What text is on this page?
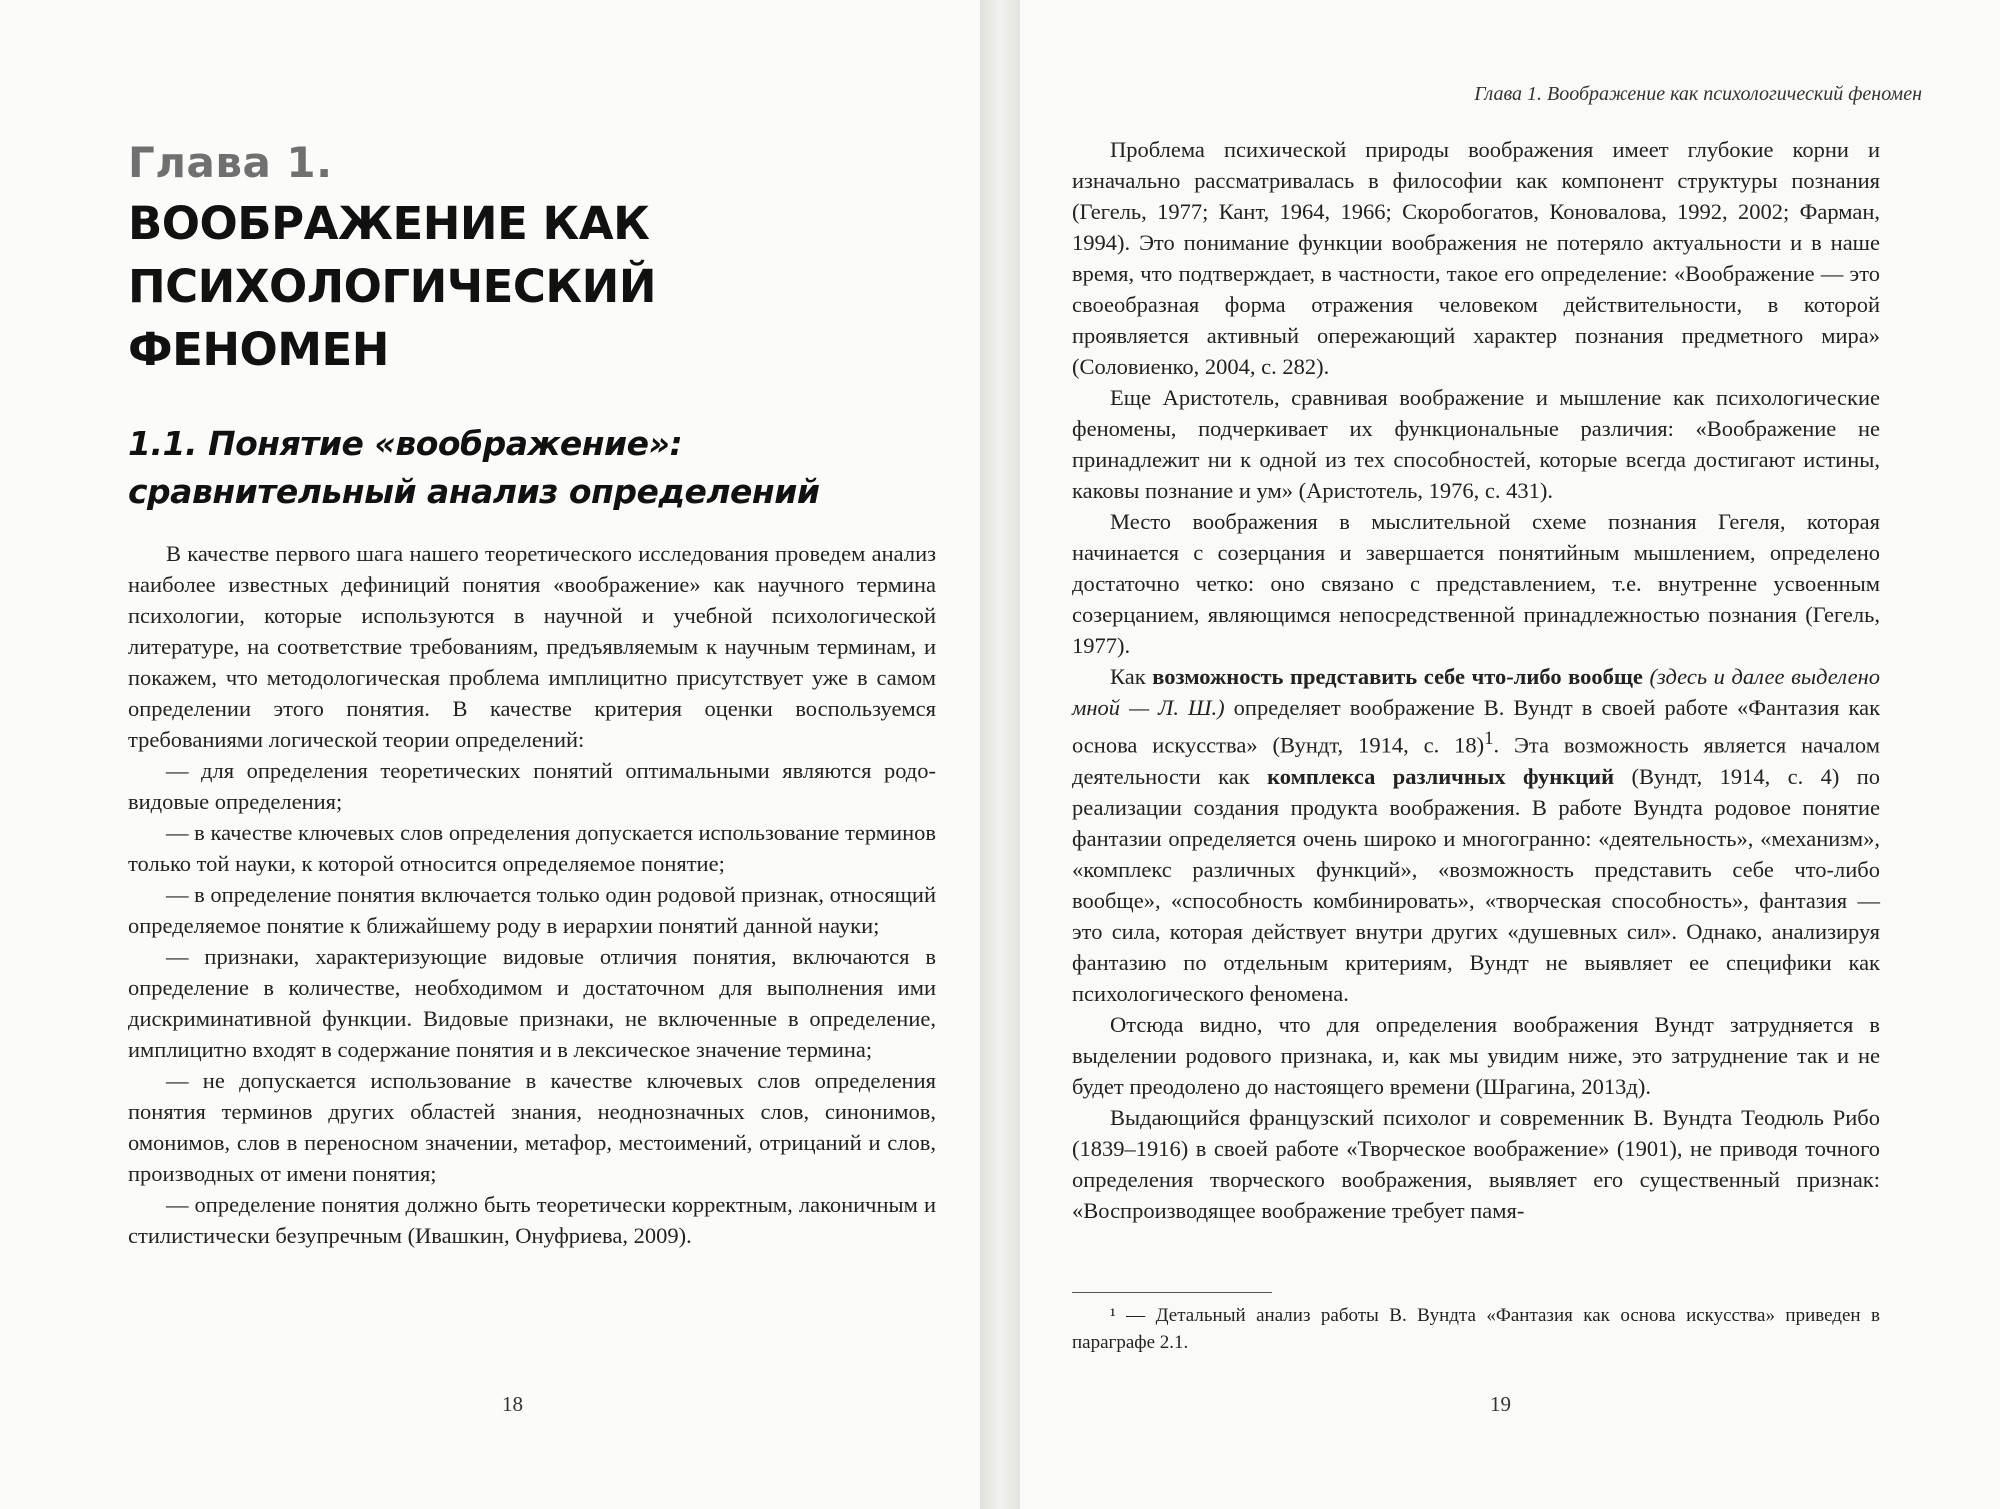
Глава 1.
ВООБРАЖЕНИЕ КАК ПСИХОЛОГИЧЕСКИЙ ФЕНОМЕН
1.1. Понятие «воображение»: сравнительный анализ определений

В качестве первого шага нашего теоретического исследования проведем анализ наиболее известных дефиниций понятия «воображение» как научного термина психологии, которые используются в научной и учебной психологической литературе, на соответствие требованиям, предъявляемым к научным терминам, и покажем, что методологическая проблема имплицитно присутствует уже в самом определении этого понятия. В качестве критерия оценки воспользуемся требованиями логической теории определений:

— для определения теоретических понятий оптимальными являются родо-видовые определения;

— в качестве ключевых слов определения допускается использование терминов только той науки, к которой относится определяемое понятие;

— в определение понятия включается только один родовой признак, относящий определяемое понятие к ближайшему роду в иерархии понятий данной науки;

— признаки, характеризующие видовые отличия понятия, включаются в определение в количестве, необходимом и достаточном для выполнения ими дискриминативной функции. Видовые признаки, не включенные в определение, имплицитно входят в содержание понятия и в лексическое значение термина;

— не допускается использование в качестве ключевых слов определения понятия терминов других областей знания, неоднозначных слов, синонимов, омонимов, слов в переносном значении, метафор, местоимений, отрицаний и слов, производных от имени понятия;

— определение понятия должно быть теоретически корректным, лаконичным и стилистически безупречным (Ивашкин, Онуфриева, 2009).

18
Глава 1. Воображение как психологический феномен

Проблема психической природы воображения имеет глубокие корни и изначально рассматривалась в философии как компонент структуры познания (Гегель, 1977; Кант, 1964, 1966; Скоробогатов, Коновалова, 1992, 2002; Фарман, 1994). Это понимание функции воображения не потеряло актуальности и в наше время, что подтверждает, в частности, такое его определение: «Воображение — это своеобразная форма отражения человеком действительности, в которой проявляется активный опережающий характер познания предметного мира» (Соловиенко, 2004, с. 282).

Еще Аристотель, сравнивая воображение и мышление как психологические феномены, подчеркивает их функциональные различия: «Воображение не принадлежит ни к одной из тех способностей, которые всегда достигают истины, каковы познание и ум» (Аристотель, 1976, с. 431).

Место воображения в мыслительной схеме познания Гегеля, которая начинается с созерцания и завершается понятийным мышлением, определено достаточно четко: оно связано с представлением, т.е. внутренне усвоенным созерцанием, являющимся непосредственной принадлежностью познания (Гегель, 1977).

Как возможность представить себе что-либо вообще (здесь и далее выделено мной — Л. Ш.) определяет воображение В. Вундт в своей работе «Фантазия как основа искусства» (Вундт, 1914, с. 18)$^1$. Эта возможность является началом деятельности как комплекса различных функций (Вундт, 1914, с. 4) по реализации создания продукта воображения. В работе Вундта родовое понятие фантазии определяется очень широко и многогранно: «деятельность», «механизм», «комплекс различных функций», «возможность представить себе что-либо вообще», «способность комбинировать», «творческая способность», фантазия — это сила, которая действует внутри других «душевных сил». Однако, анализируя фантазию по отдельным критериям, Вундт не выявляет ее специфики как психологического феномена.

Отсюда видно, что для определения воображения Вундт затрудняется в выделении родового признака, и, как мы увидим ниже, это затруднение так и не будет преодолено до настоящего времени (Шрагина, 2013д).

Выдающийся французский психолог и современник В. Вундта Теодюль Рибо (1839–1916) в своей работе «Творческое воображение» (1901), не приводя точного определения творческого воображения, выявляет его существенный признак: «Воспроизводящее воображение требует памя-

¹ — Детальный анализ работы В. Вундта «Фантазия как основа искусства» приведен в параграфе 2.1.

19
